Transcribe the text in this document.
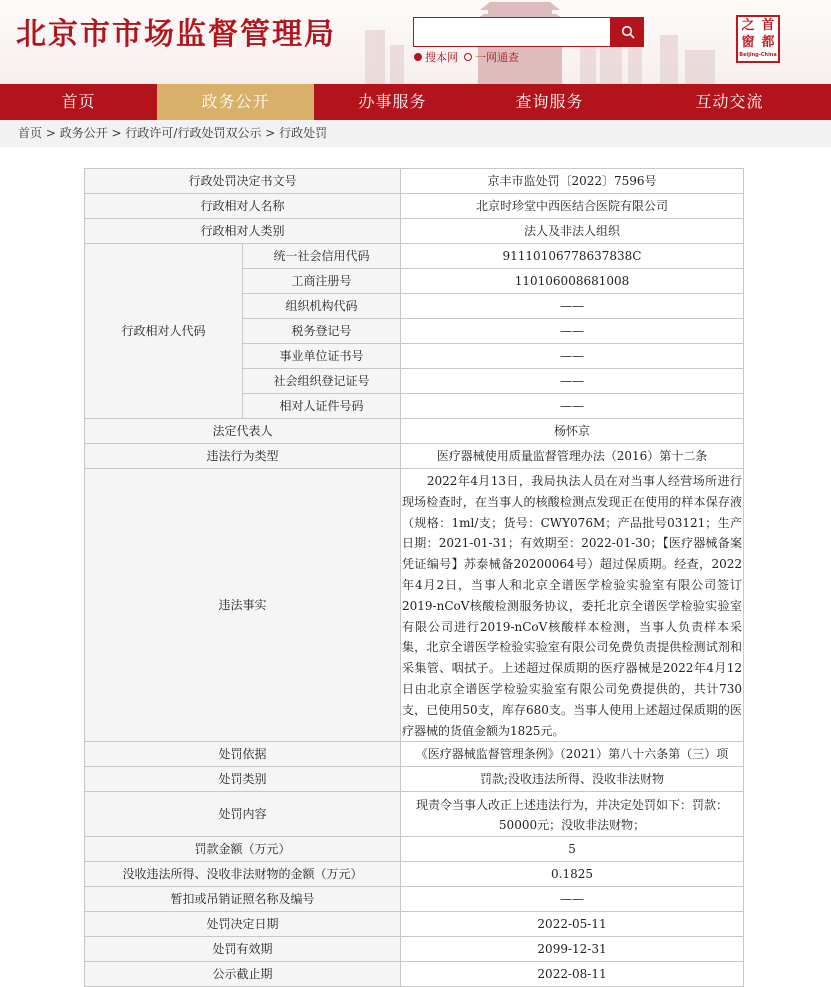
北京市市场监督管理局
搜本网 一网通查
之 首
窗 都
Beijing-China
首页	政务公开	办事服务	查询服务	互动交流
首页 > 政务公开 > 行政许可/行政处罚双公示 > 行政处罚
行政处罚决定书文号		京丰市监处罚〔2022〕7596号
行政相对人名称		北京时珍堂中西医结合医院有限公司
行政相对人类别		法人及非法人组织
行政相对人代码	统一社会信用代码	91110106778637838C
	工商注册号	110106008681008
	组织机构代码	——
	税务登记号	——
	事业单位证书号	——
	社会组织登记证号	——
	相对人证件号码	——
法定代表人		杨怀京
违法行为类型		医疗器械使用质量监督管理办法（2016）第十二条
违法事实		　　2022年4月13日，我局执法人员在对当事人经营场所进行现场检查时，在当事人的核酸检测点发现正在使用的样本保存液（规格：1ml/支；货号：CWY076M；产品批号03121；生产日期：2021-01-31；有效期至：2022-01-30；【医疗器械备案凭证编号】苏泰械备20200064号）超过保质期。经查，2022年4月2日，当事人和北京全谱医学检验实验室有限公司签订2019-nCoV核酸检测服务协议，委托北京全谱医学检验实验室有限公司进行2019-nCoV核酸样本检测，当事人负责样本采集，北京全谱医学检验实验室有限公司免费负责提供检测试剂和采集管、咽拭子。上述超过保质期的医疗器械是2022年4月12日由北京全谱医学检验实验室有限公司免费提供的，共计730支，已使用50支，库存680支。当事人使用上述超过保质期的医疗器械的货值金额为1825元。
处罚依据		《医疗器械监督管理条例》（2021）第八十六条第（三）项
处罚类别		罚款;没收违法所得、没收非法财物
处罚内容		现责令当事人改正上述违法行为，并决定处罚如下：罚款：50000元；没收非法财物；
罚款金额（万元）		5
没收违法所得、没收非法财物的金额（万元）		0.1825
暂扣或吊销证照名称及编号		——
处罚决定日期		2022-05-11
处罚有效期		2099-12-31
公示截止期		2022-08-11
